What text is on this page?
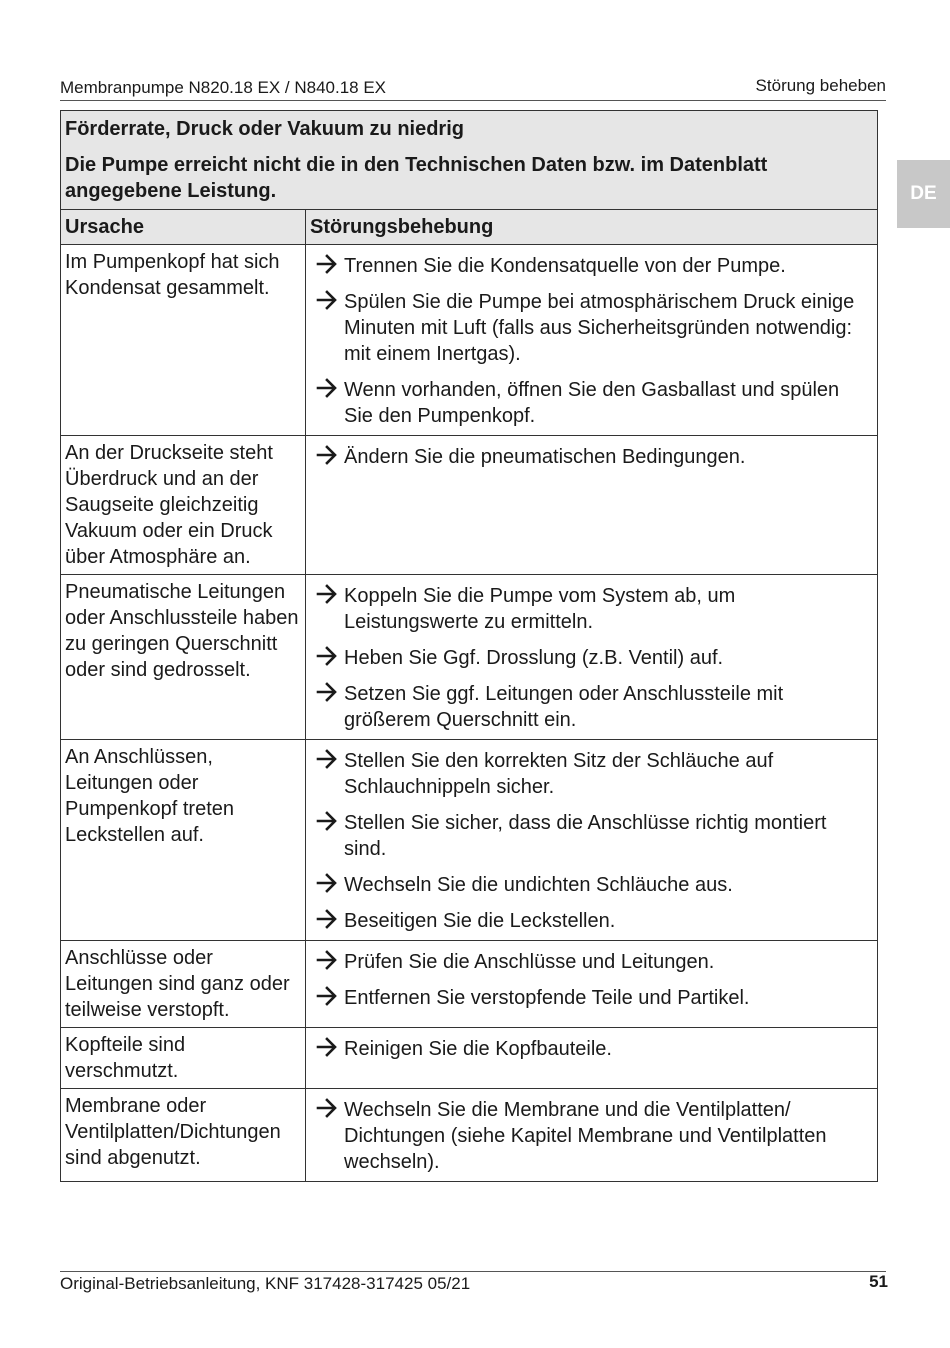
Membranpumpe N820.18 EX / N840.18 EX	Störung beheben
DE
Förderrate, Druck oder Vakuum zu niedrig
Die Pumpe erreicht nicht die in den Technischen Daten bzw. im Datenblatt angegebene Leistung.	

Ursache	Störungsbehebung
Im Pumpenkopf hat sich Kondensat gesammelt.	Trennen Sie die Kondensatquelle von der Pumpe.
Spülen Sie die Pumpe bei atmosphärischem Druck einige Minuten mit Luft (falls aus Sicherheitsgründen notwendig: mit einem Inertgas).
Wenn vorhanden, öffnen Sie den Gasballast und spülen Sie den Pumpenkopf.

An der Druckseite steht Überdruck und an der Saugseite gleichzeitig Vakuum oder ein Druck über Atmosphäre an.	Ändern Sie die pneumatischen Bedingungen.

Pneumatische Leitungen oder Anschlussteile haben zu geringen Querschnitt oder sind gedrosselt.	Koppeln Sie die Pumpe vom System ab, um Leistungswerte zu ermitteln.
Heben Sie Ggf. Drosslung (z.B. Ventil) auf.
Setzen Sie ggf. Leitungen oder Anschlussteile mit größerem Querschnitt ein.

An Anschlüssen, Leitungen oder Pumpenkopf treten Leckstellen auf.	Stellen Sie den korrekten Sitz der Schläuche auf Schlauchnippeln sicher.
Stellen Sie sicher, dass die Anschlüsse richtig montiert sind.
Wechseln Sie die undichten Schläuche aus.
Beseitigen Sie die Leckstellen.

Anschlüsse oder Leitungen sind ganz oder teilweise verstopft.	Prüfen Sie die Anschlüsse und Leitungen.
Entfernen Sie verstopfende Teile und Partikel.

Kopfteile sind verschmutzt.	Reinigen Sie die Kopfbauteile.

Membrane oder Ventilplatten/Dichtungen sind abgenutzt.	Wechseln Sie die Membrane und die Ventilplatten/ Dichtungen (siehe Kapitel Membrane und Ventilplatten wechseln).
Original-Betriebsanleitung, KNF 317428-317425 05/21	51
